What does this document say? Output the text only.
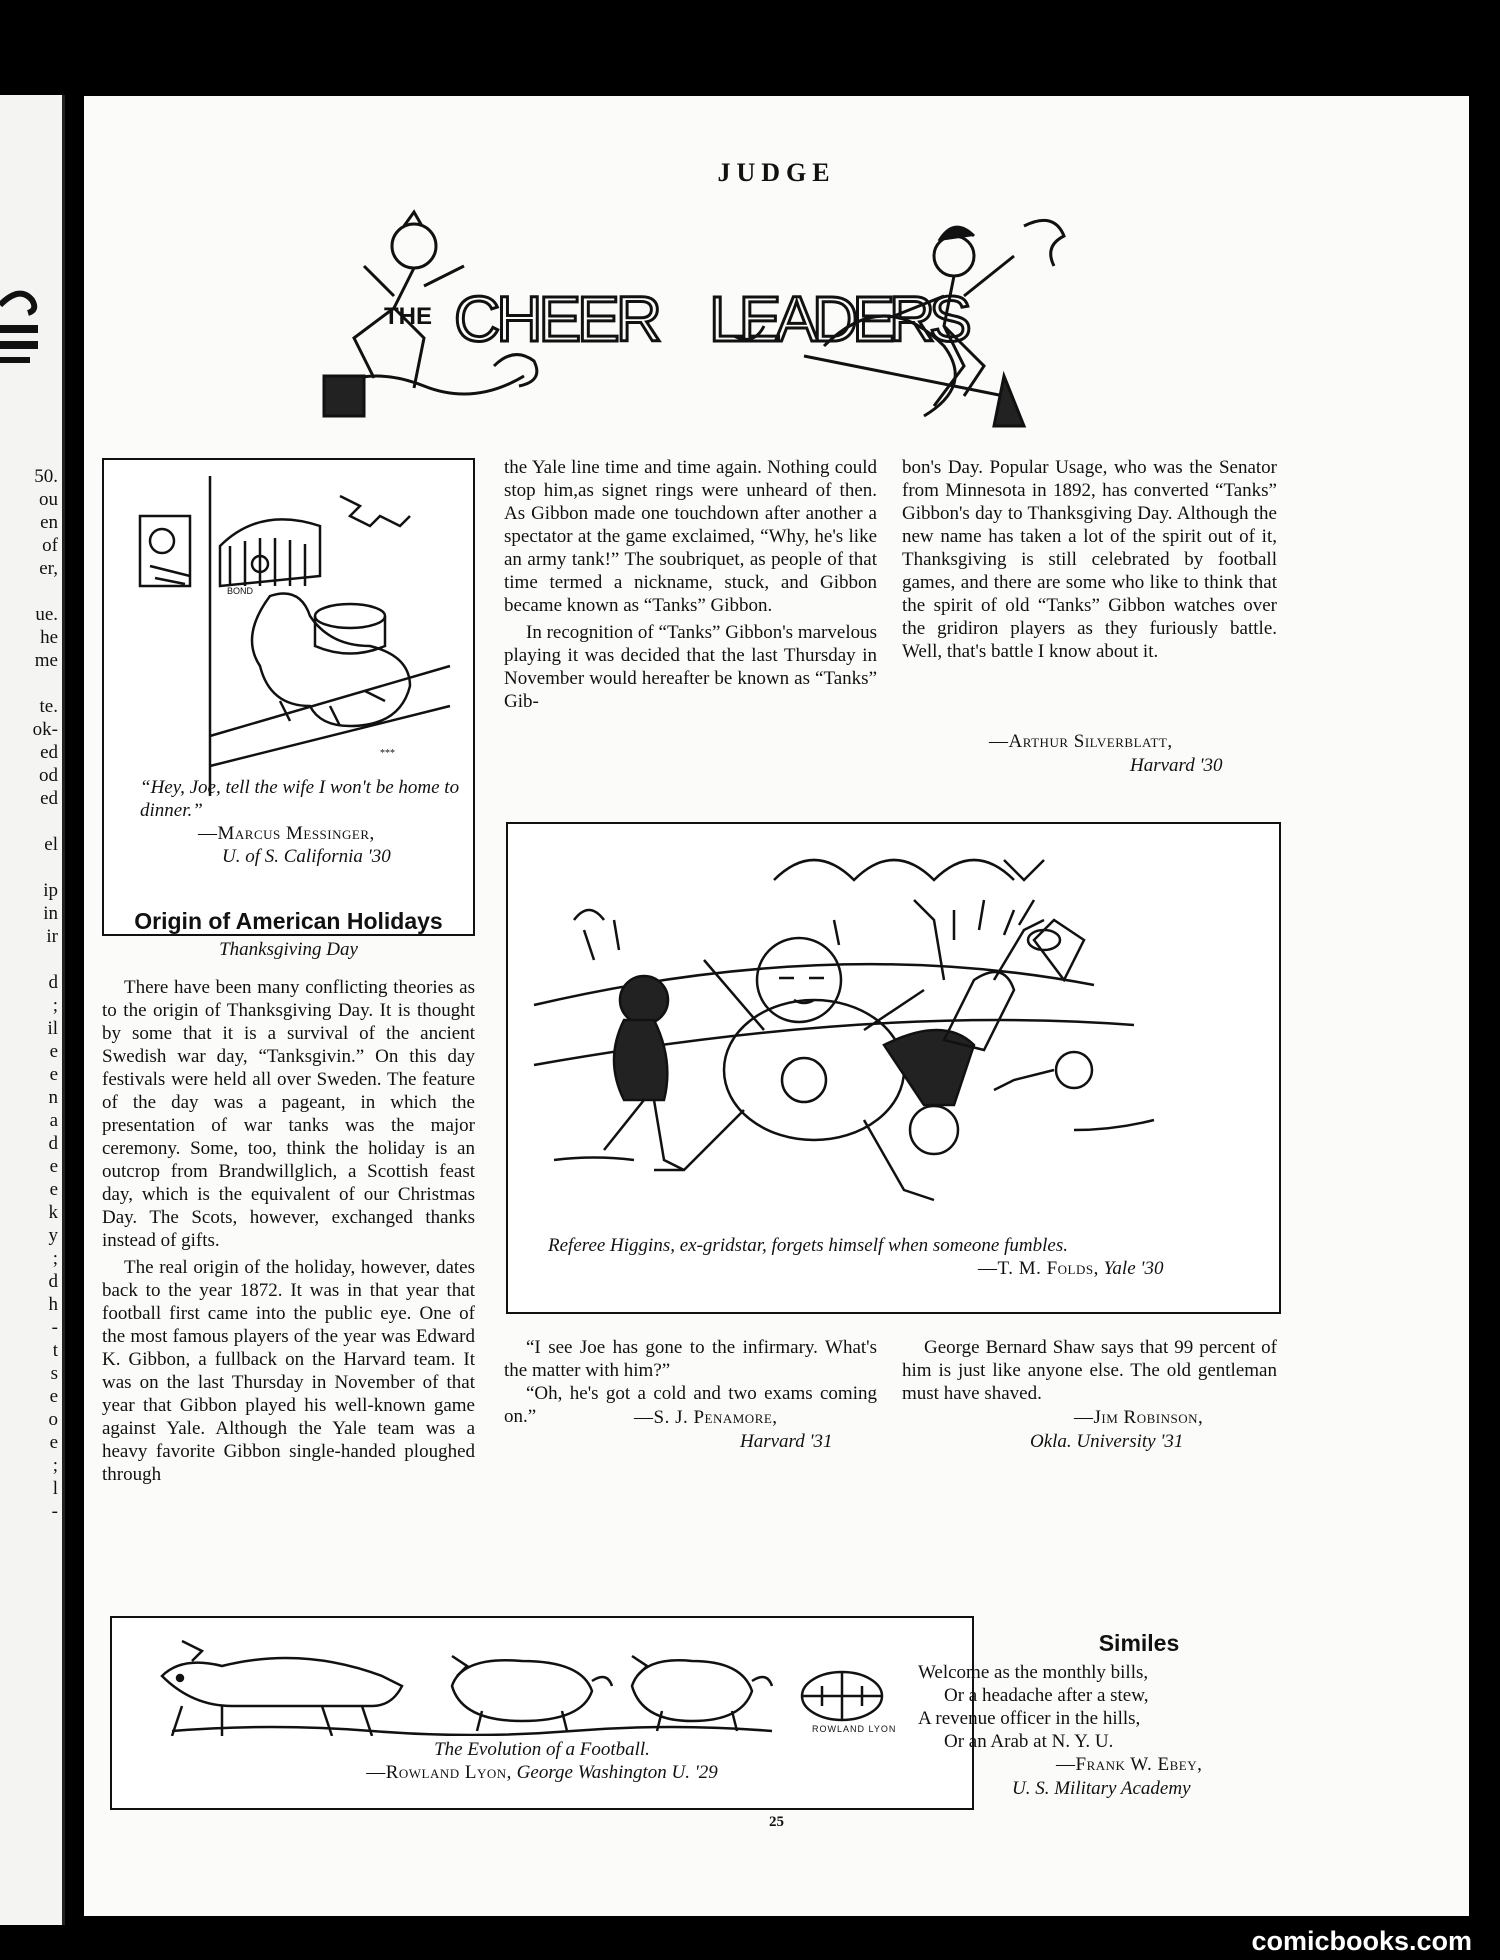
50.
ou
en
of
er,
ue.
he
me
te.
ok-
ed
od
ed
el
ip
in
ir
d
;
il
e
e
n
a
d
e
e
k
y
;
d
h
-
t
s
e
o
e
;
l
-
JUDGE
THE CHEER LEADERS
***
BOND
“Hey, Joe, tell the wife I won't be home to dinner.”
—Marcus Messinger,
U. of S. California '30
Origin of American Holidays
Thanksgiving Day

There have been many conflicting theories as to the origin of Thanksgiving Day. It is thought by some that it is a survival of the ancient Swedish war day, “Tanksgivin.” On this day festivals were held all over Sweden. The feature of the day was a pageant, in which the presentation of war tanks was the major ceremony. Some, too, think the holiday is an outcrop from Brandwillglich, a Scottish feast day, which is the equivalent of our Christmas Day. The Scots, however, exchanged thanks instead of gifts.

The real origin of the holiday, however, dates back to the year 1872. It was in that year that football first came into the public eye. One of the most famous players of the year was Edward K. Gibbon, a fullback on the Harvard team. It was on the last Thursday in November of that year that Gibbon played his well-known game against Yale. Although the Yale team was a heavy favorite Gibbon single-handed ploughed through

the Yale line time and time again. Nothing could stop him,as signet rings were unheard of then. As Gibbon made one touchdown after another a spectator at the game exclaimed, “Why, he's like an army tank!” The soubriquet, as people of that time termed a nickname, stuck, and Gibbon became known as “Tanks” Gibbon.

In recognition of “Tanks” Gibbon's marvelous playing it was decided that the last Thursday in November would hereafter be known as “Tanks” Gib-

bon's Day. Popular Usage, who was the Senator from Minnesota in 1892, has converted “Tanks” Gibbon's day to Thanksgiving Day. Although the new name has taken a lot of the spirit out of it, Thanksgiving is still celebrated by football games, and there are some who like to think that the spirit of old “Tanks” Gibbon watches over the gridiron players as they furiously battle. Well, that's battle I know about it.

—Arthur Silverblatt,
Harvard '30
Referee Higgins, ex-gridstar, forgets himself when someone fumbles.
—T. M. Folds, Yale '30

“I see Joe has gone to the infirmary. What's the matter with him?”

“Oh, he's got a cold and two exams coming on.”	—S. J. Penamore,
Harvard '31

George Bernard Shaw says that 99 percent of him is just like anyone else. The old gentleman must have shaved.

—Jim Robinson,
Okla. University '31
ROWLAND LYON
The Evolution of a Football.
—Rowland Lyon, George Washington U. '29
Similes
Welcome as the monthly bills,
Or a headache after a stew,
A revenue officer in the hills,
Or an Arab at N. Y. U.
—Frank W. Ebey,
U. S. Military Academy
25
comicbooks.com
